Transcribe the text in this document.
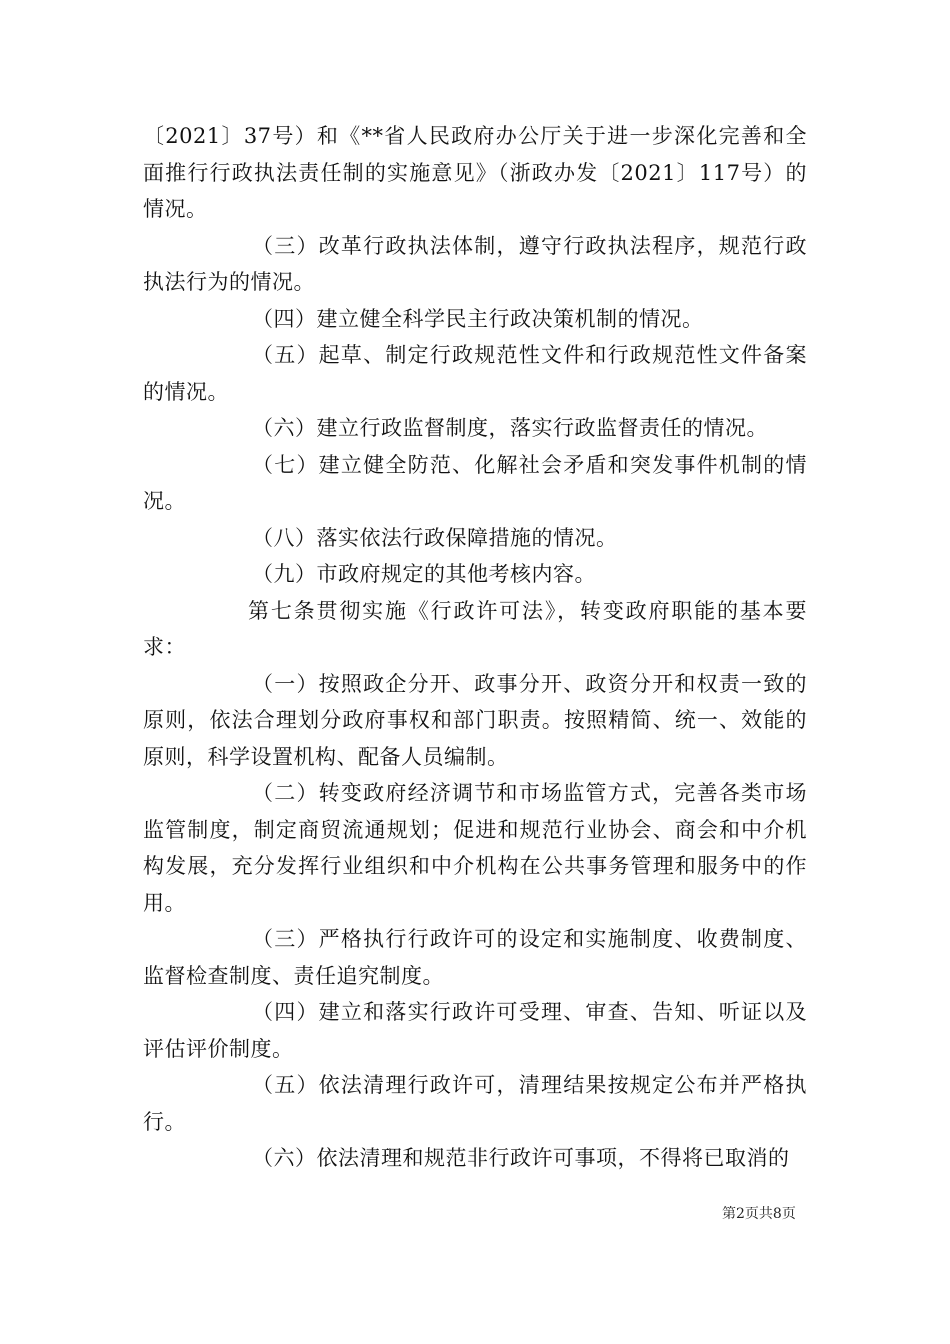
〔2021〕37号）和《**省人民政府办公厅关于进一步深化完善和全面推行行政执法责任制的实施意见》（浙政办发〔2021〕117号）的情况。

（三）改革行政执法体制，遵守行政执法程序，规范行政执法行为的情况。

（四）建立健全科学民主行政决策机制的情况。

（五）起草、制定行政规范性文件和行政规范性文件备案的情况。

（六）建立行政监督制度，落实行政监督责任的情况。

（七）建立健全防范、化解社会矛盾和突发事件机制的情况。

（八）落实依法行政保障措施的情况。

（九）市政府规定的其他考核内容。

第七条贯彻实施《行政许可法》，转变政府职能的基本要求：

（一）按照政企分开、政事分开、政资分开和权责一致的原则，依法合理划分政府事权和部门职责。按照精简、统一、效能的原则，科学设置机构、配备人员编制。

（二）转变政府经济调节和市场监管方式，完善各类市场监管制度，制定商贸流通规划；促进和规范行业协会、商会和中介机构发展，充分发挥行业组织和中介机构在公共事务管理和服务中的作用。

（三）严格执行行政许可的设定和实施制度、收费制度、监督检查制度、责任追究制度。

（四）建立和落实行政许可受理、审查、告知、听证以及评估评价制度。

（五）依法清理行政许可，清理结果按规定公布并严格执行。

（六）依法清理和规范非行政许可事项，不得将已取消的

第2页共8页
